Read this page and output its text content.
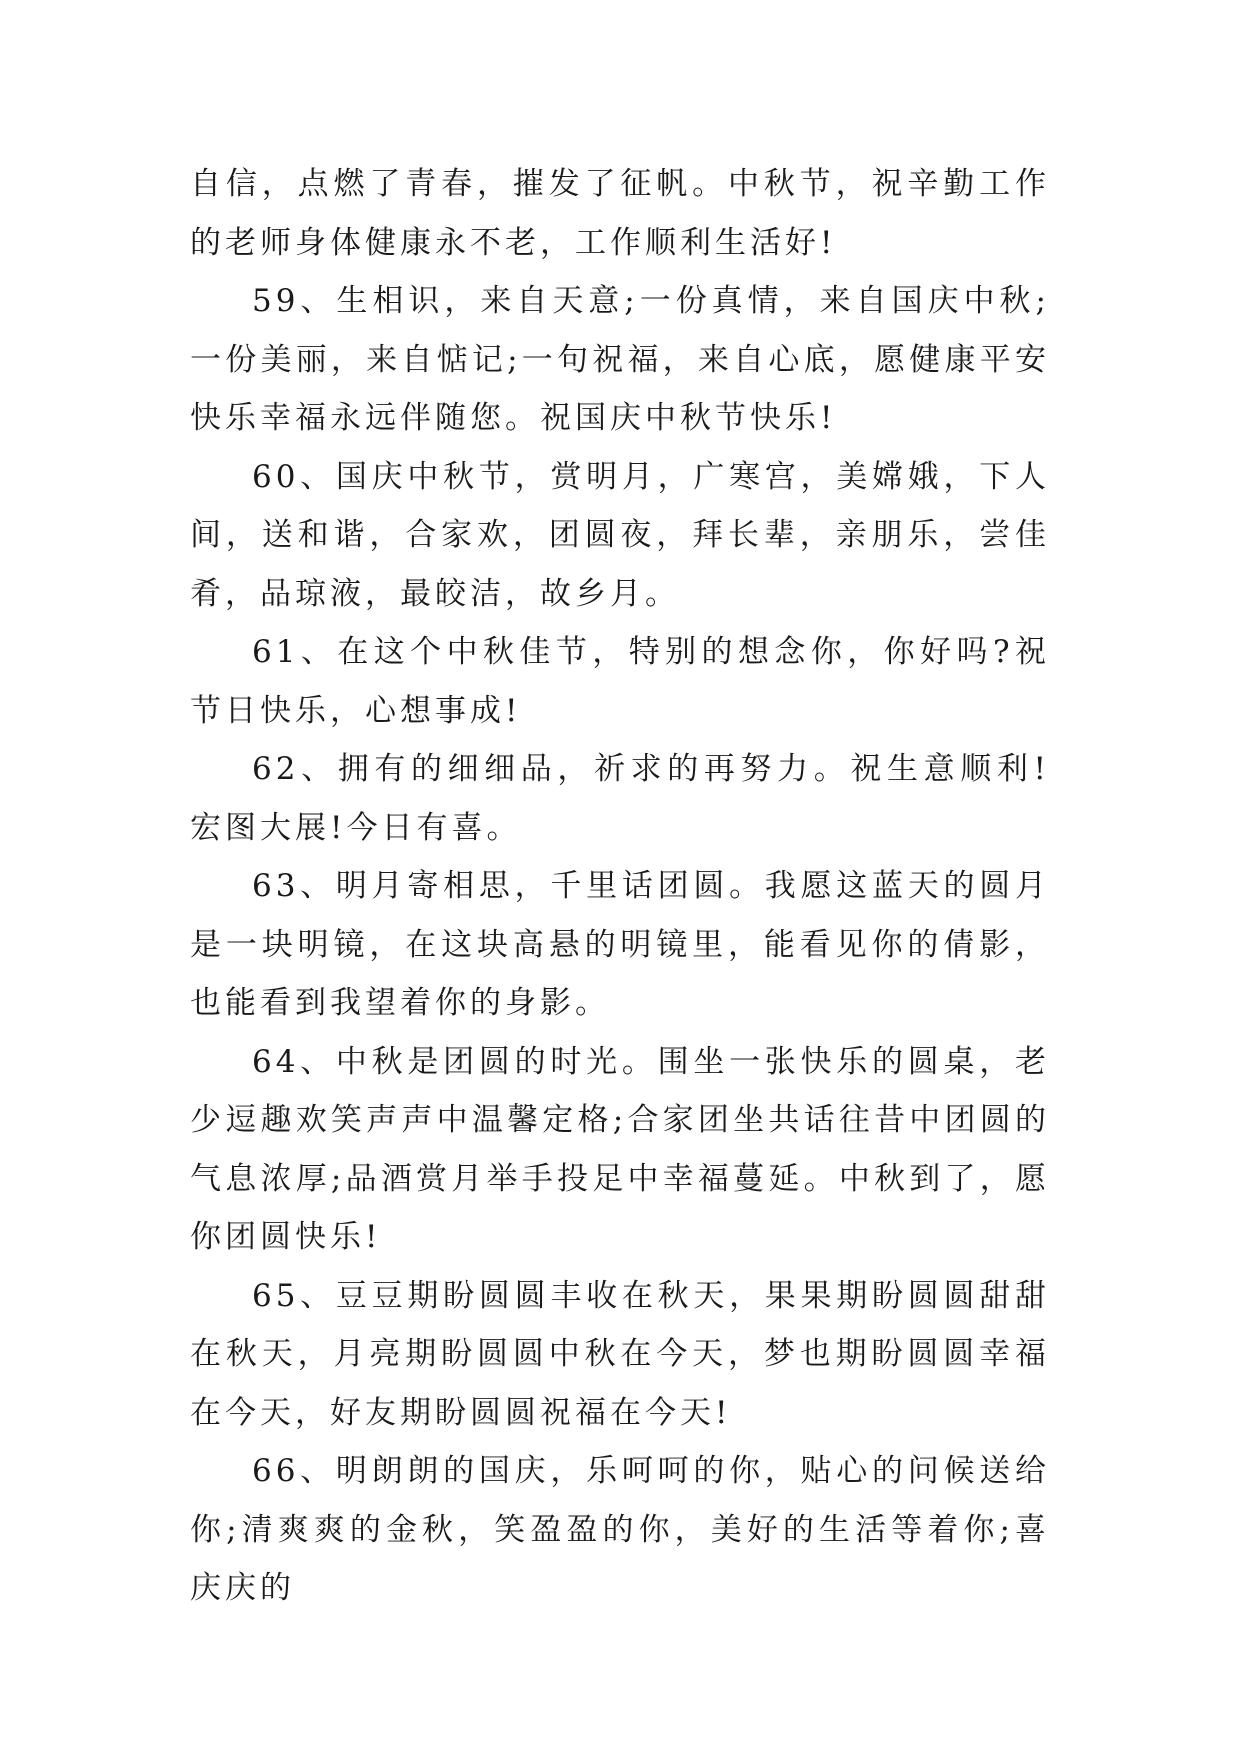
自信，点燃了青春，摧发了征帆。中秋节，祝辛勤工作的老师身体健康永不老，工作顺利生活好!

59、生相识，来自天意;一份真情，来自国庆中秋;一份美丽，来自惦记;一句祝福，来自心底，愿健康平安快乐幸福永远伴随您。祝国庆中秋节快乐!

60、国庆中秋节，赏明月，广寒宫，美嫦娥，下人间，送和谐，合家欢，团圆夜，拜长辈，亲朋乐，尝佳肴，品琼液，最皎洁，故乡月。

61、在这个中秋佳节，特别的想念你，你好吗?祝节日快乐，心想事成!

62、拥有的细细品，祈求的再努力。祝生意顺利!宏图大展!今日有喜。

63、明月寄相思，千里话团圆。我愿这蓝天的圆月是一块明镜，在这块高悬的明镜里，能看见你的倩影，也能看到我望着你的身影。

64、中秋是团圆的时光。围坐一张快乐的圆桌，老少逗趣欢笑声声中温馨定格;合家团坐共话往昔中团圆的气息浓厚;品酒赏月举手投足中幸福蔓延。中秋到了，愿你团圆快乐!

65、豆豆期盼圆圆丰收在秋天，果果期盼圆圆甜甜在秋天，月亮期盼圆圆中秋在今天，梦也期盼圆圆幸福在今天，好友期盼圆圆祝福在今天!

66、明朗朗的国庆，乐呵呵的你，贴心的问候送给你;清爽爽的金秋，笑盈盈的你，美好的生活等着你;喜庆庆的
